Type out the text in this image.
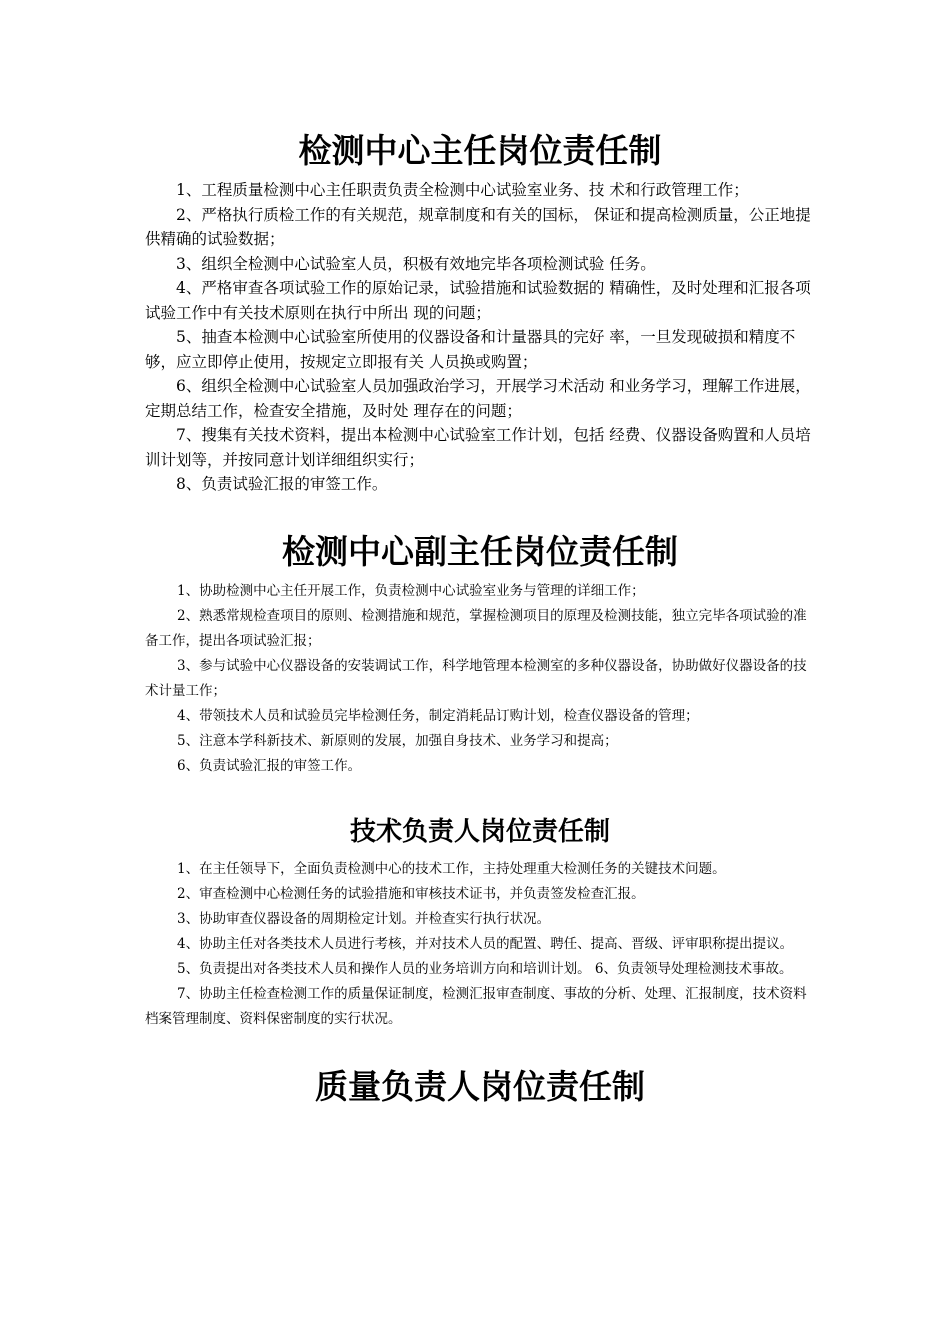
检测中心主任岗位责任制

1、工程质量检测中心主任职责负责全检测中心试验室业务、技 术和行政管理工作；

2、严格执行质检工作的有关规范，规章制度和有关的国标， 保证和提高检测质量，公正地提供精确的试验数据；

3、组织全检测中心试验室人员，积极有效地完毕各项检测试验 任务。

4、严格审查各项试验工作的原始记录，试验措施和试验数据的 精确性，及时处理和汇报各项试验工作中有关技术原则在执行中所出 现的问题；

5、抽查本检测中心试验室所使用的仪器设备和计量器具的完好 率，一旦发现破损和精度不够，应立即停止使用，按规定立即报有关 人员换或购置；

6、组织全检测中心试验室人员加强政治学习，开展学习术活动 和业务学习，理解工作进展，定期总结工作，检查安全措施，及时处 理存在的问题；

7、搜集有关技术资料，提出本检测中心试验室工作计划，包括 经费、仪器设备购置和人员培训计划等，并按同意计划详细组织实行；

8、负责试验汇报的审签工作。

检测中心副主任岗位责任制

1、协助检测中心主任开展工作，负责检测中心试验室业务与管理的详细工作；

2、熟悉常规检查项目的原则、检测措施和规范，掌握检测项目的原理及检测技能，独立完毕各项试验的准备工作，提出各项试验汇报；

3、参与试验中心仪器设备的安装调试工作，科学地管理本检测室的多种仪器设备，协助做好仪器设备的技术计量工作；

4、带领技术人员和试验员完毕检测任务，制定消耗品订购计划，检查仪器设备的管理；

5、注意本学科新技术、新原则的发展，加强自身技术、业务学习和提高；

6、负责试验汇报的审签工作。

技术负责人岗位责任制

1、在主任领导下，全面负责检测中心的技术工作，主持处理重大检测任务的关键技术问题。

2、审查检测中心检测任务的试验措施和审核技术证书，并负责签发检查汇报。

3、协助审查仪器设备的周期检定计划。并检查实行执行状况。

4、协助主任对各类技术人员进行考核，并对技术人员的配置、聘任、提高、晋级、评审职称提出提议。

5、负责提出对各类技术人员和操作人员的业务培训方向和培训计划。 6、负责领导处理检测技术事故。

7、协助主任检查检测工作的质量保证制度，检测汇报审查制度、事故的分析、处理、汇报制度，技术资料档案管理制度、资料保密制度的实行状况。

质量负责人岗位责任制
